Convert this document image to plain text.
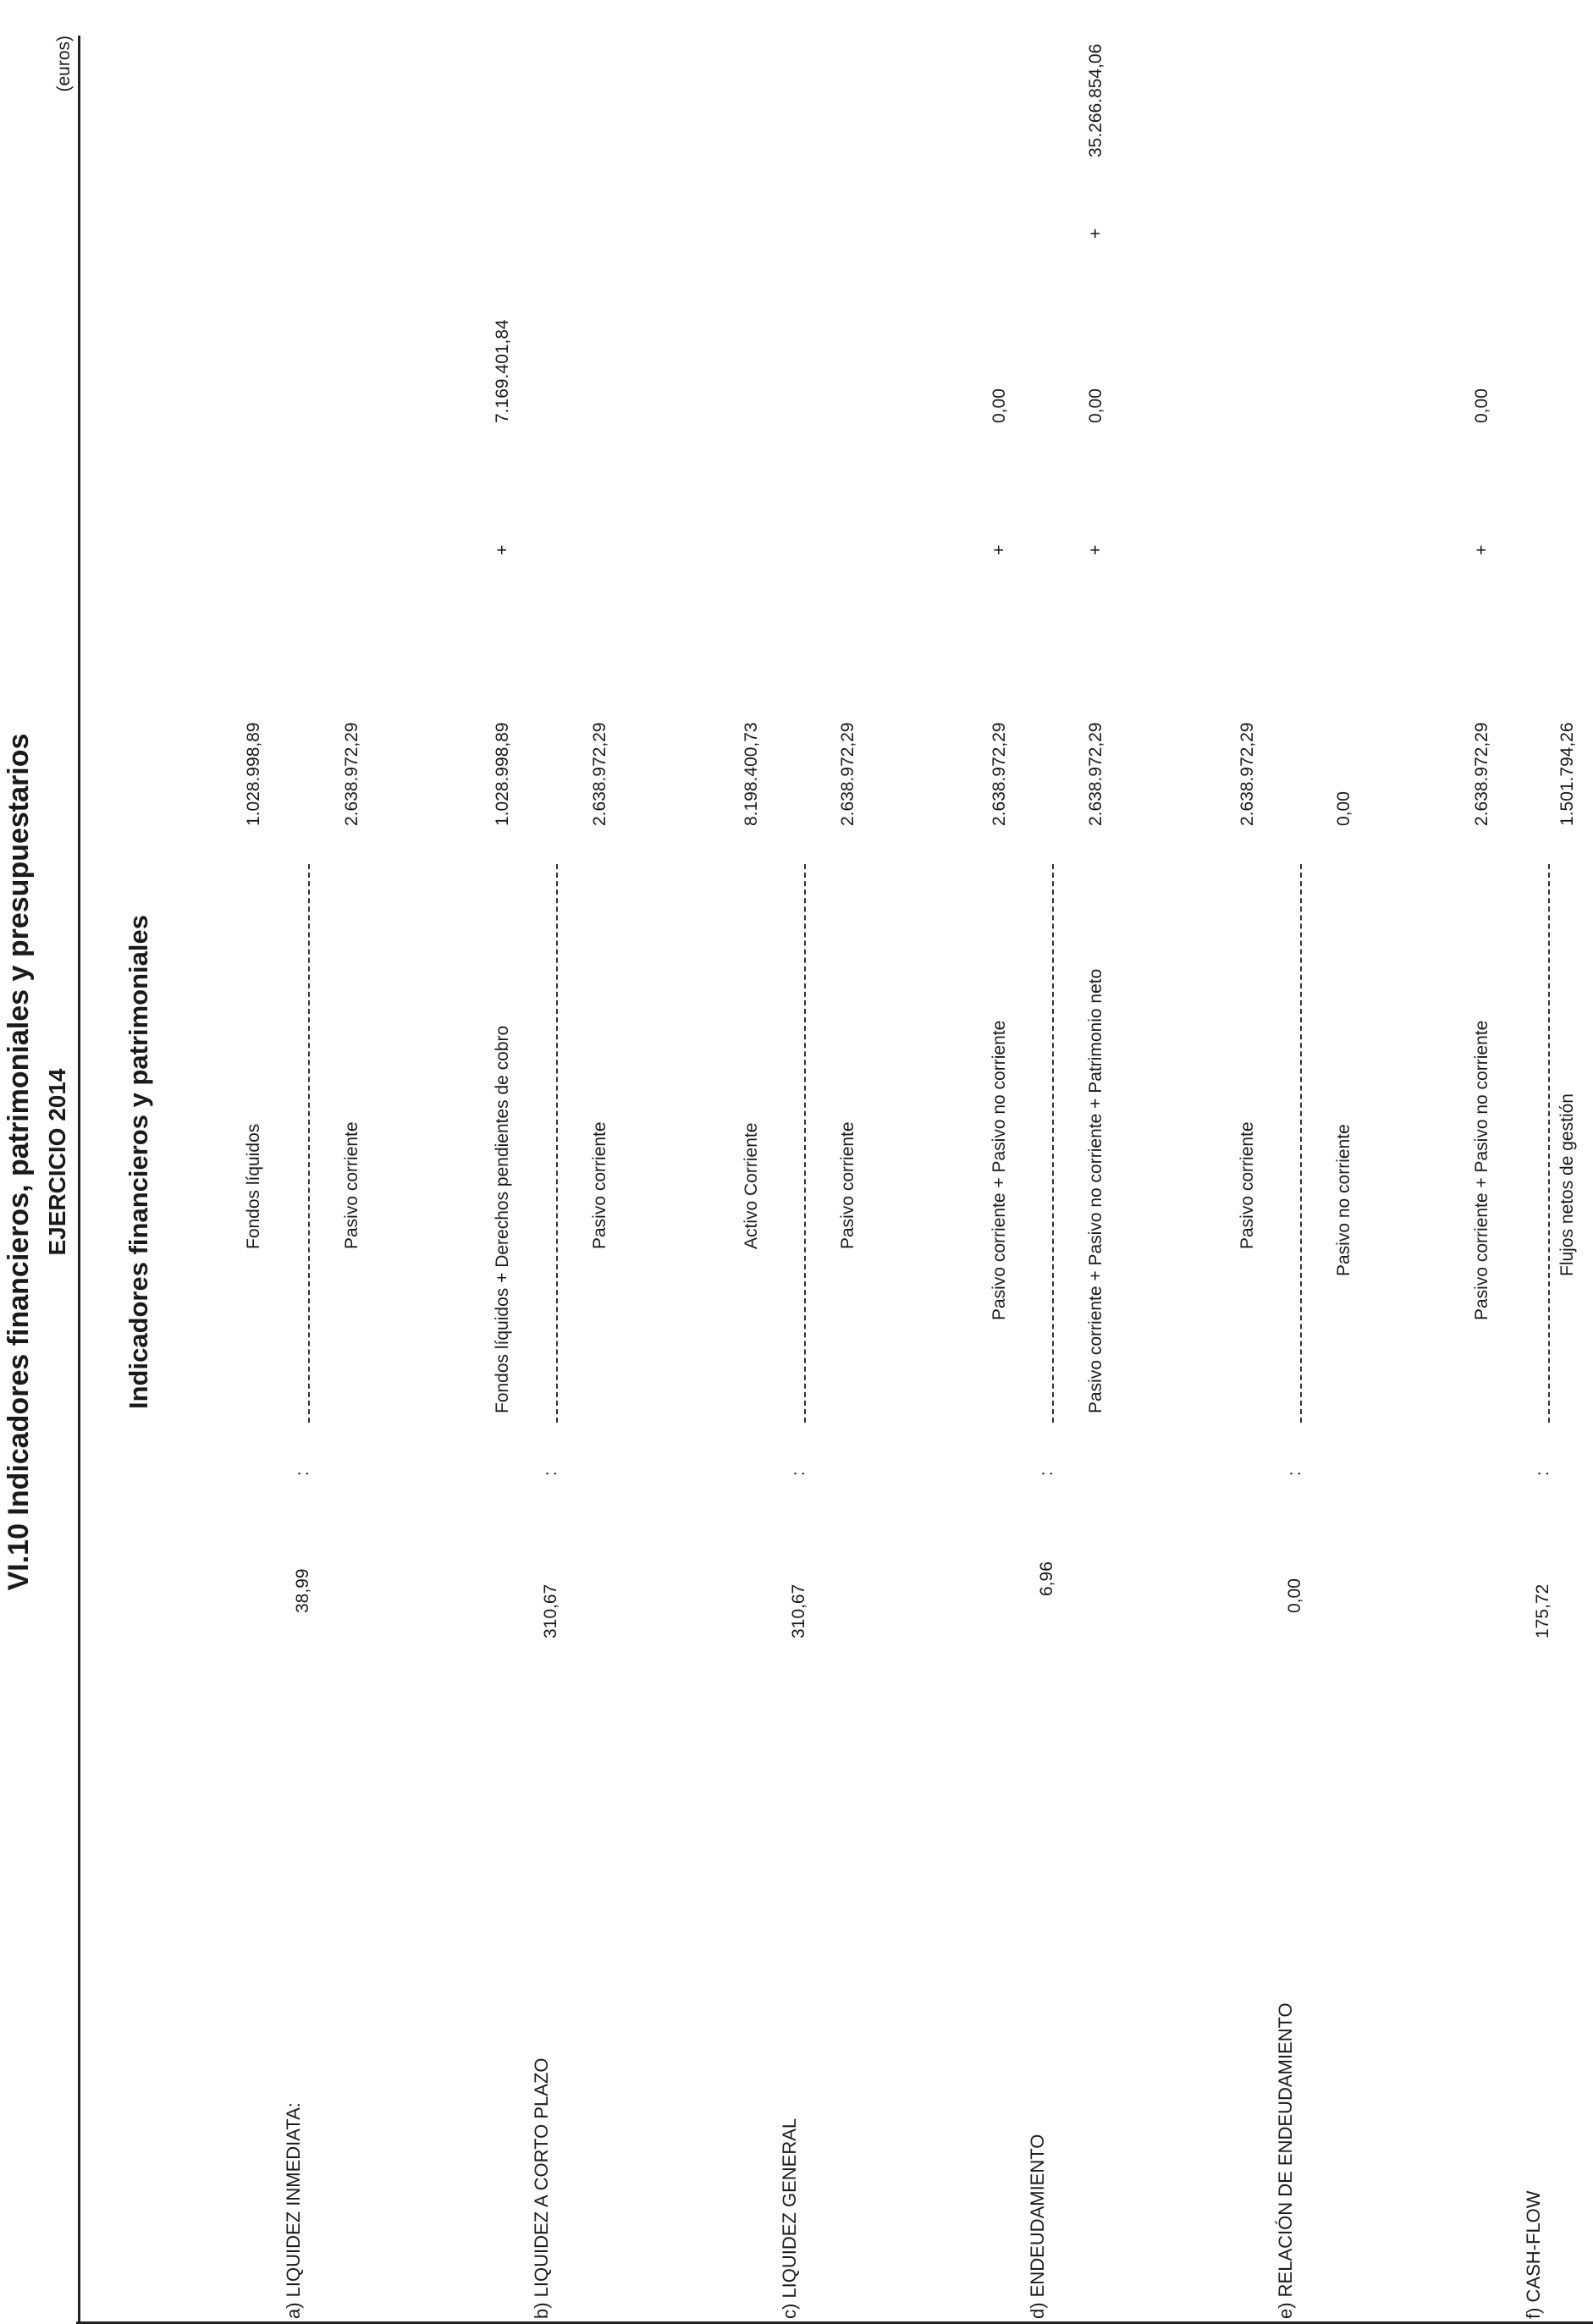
VI.10 Indicadores financieros, patrimoniales y presupuestarios EJERCICIO 2014
(euros)
Indicadores financieros y patrimoniales
a) LIQUIDEZ INMEDIATA:
38,99
:
Fondos líquidos
1.028.998,89
Pasivo corriente
2.638.972,29
b) LIQUIDEZ A CORTO PLAZO
310,67
:
Fondos líquidos + Derechos pendientes de cobro
1.028.998,89
+
7.169.401,84
Pasivo corriente
2.638.972,29
c) LIQUIDEZ GENERAL
310,67
:
Activo Corriente
8.198.400,73
Pasivo corriente
2.638.972,29
d) ENDEUDAMIENTO
6,96
:
Pasivo corriente + Pasivo no corriente
2.638.972,29
+
0,00
Pasivo corriente + Pasivo no corriente + Patrimonio neto
2.638.972,29
+
0,00
+
35.266.854,06
e) RELACIÓN DE ENDEUDAMIENTO
0,00
:
Pasivo corriente
2.638.972,29
Pasivo no corriente
0,00
f) CASH-FLOW
175,72
:
Pasivo corriente + Pasivo no corriente
2.638.972,29
+
0,00
Flujos netos de gestión
1.501.794,26
